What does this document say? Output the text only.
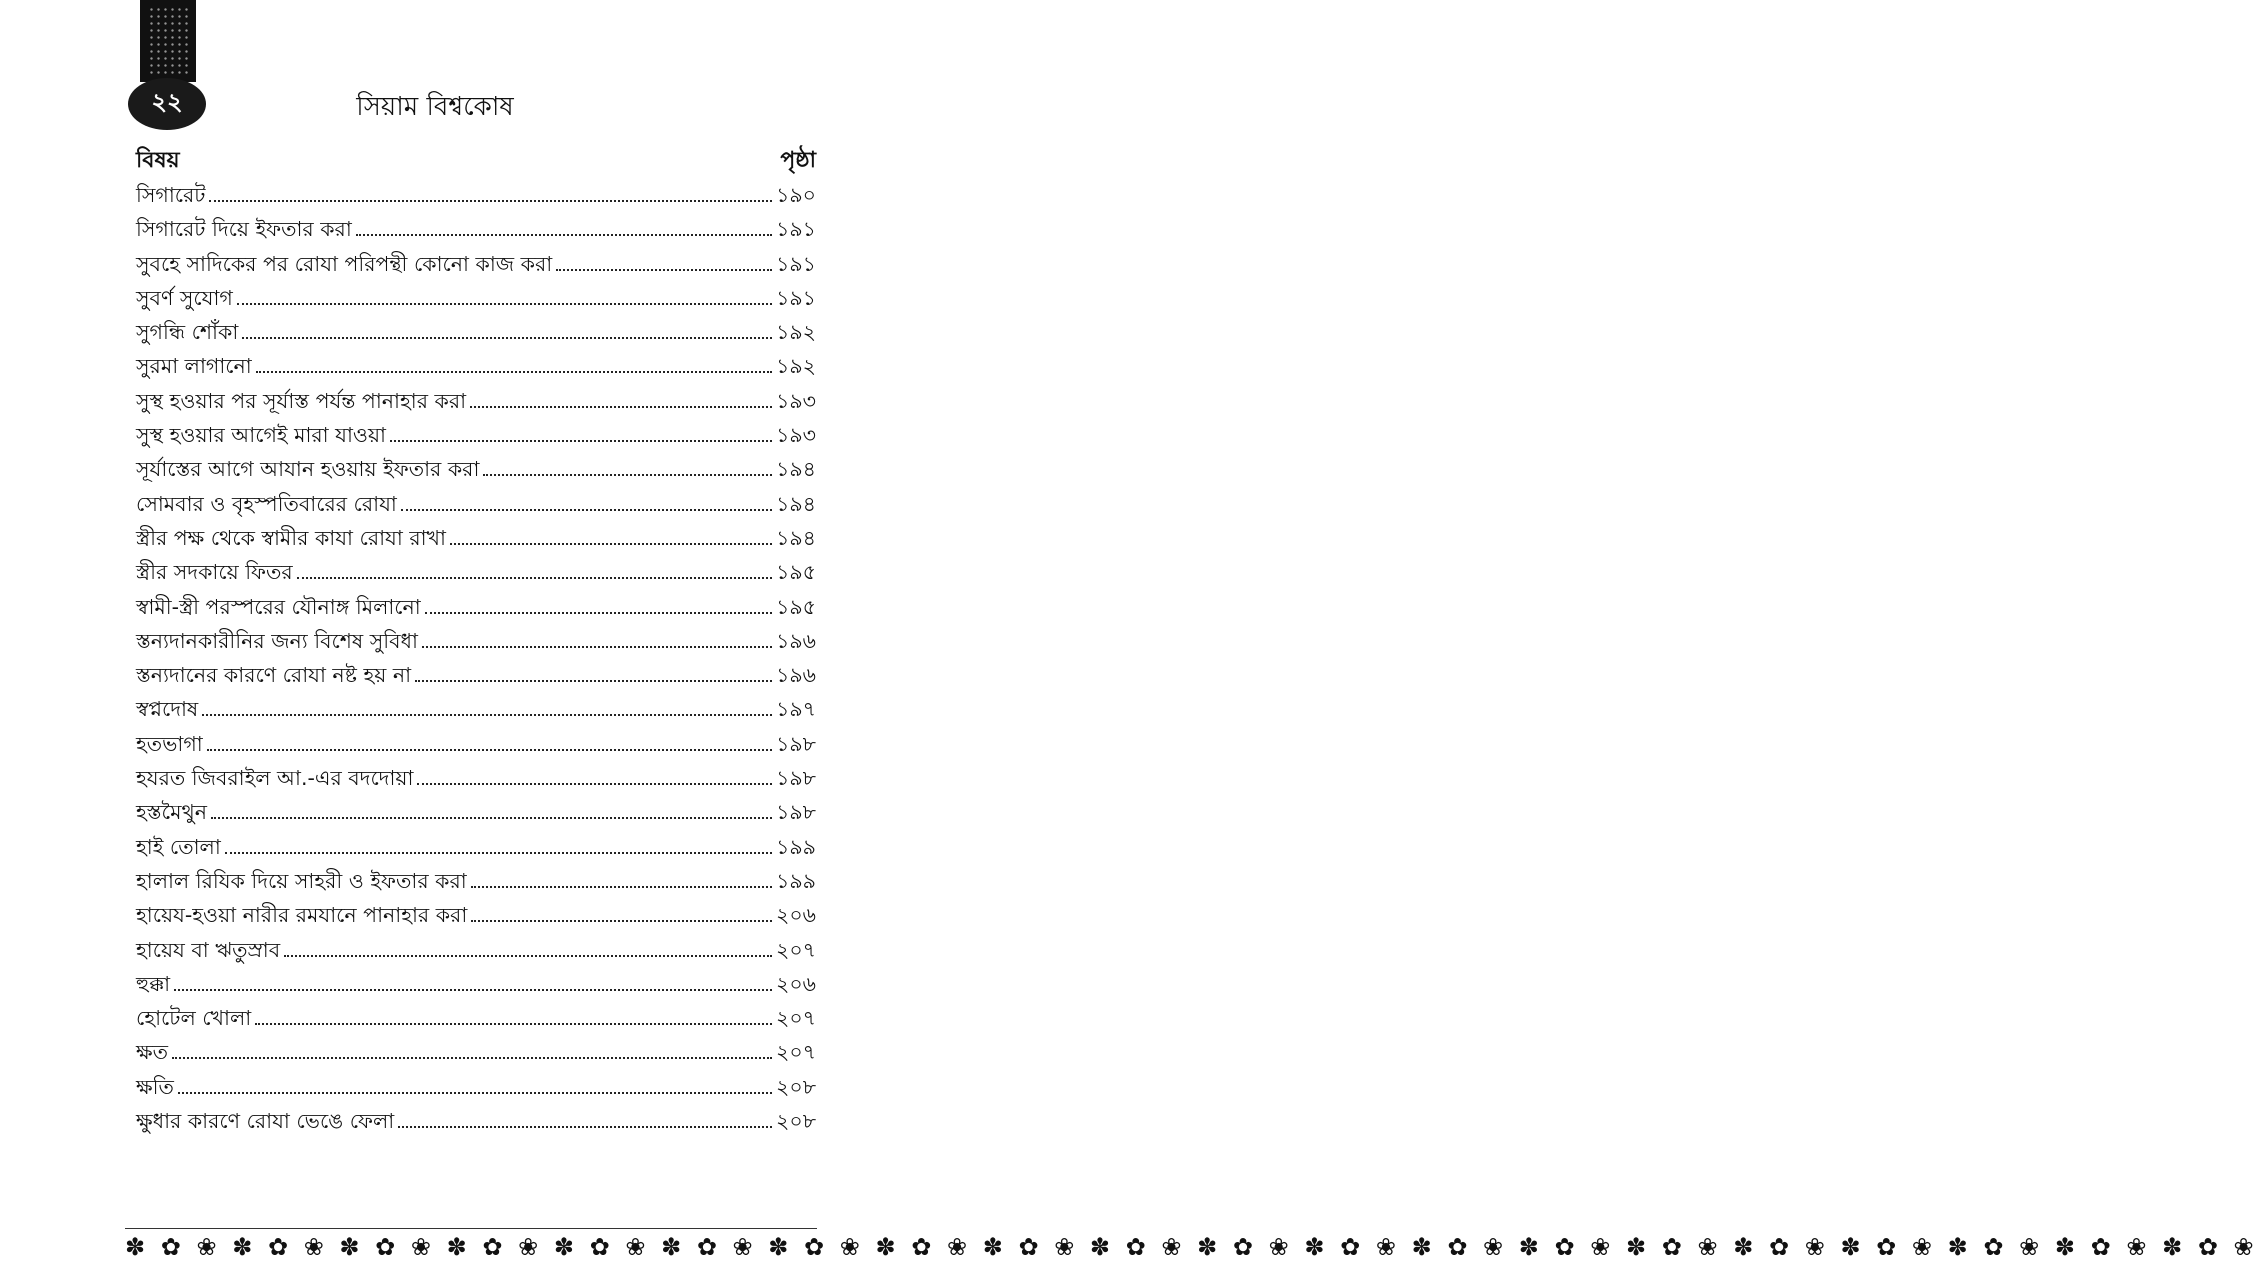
২২	সিয়াম বিশ্বকোষ
বিষয়	পৃষ্ঠা
সিগারেট	১৯০
সিগারেট দিয়ে ইফতার করা	১৯১
সুবহে সাদিকের পর রোযা পরিপন্থী কোনো কাজ করা	১৯১
সুবর্ণ সুযোগ	১৯১
সুগন্ধি শোঁকা	১৯২
সুরমা লাগানো	১৯২
সুস্থ হওয়ার পর সূর্যাস্ত পর্যন্ত পানাহার করা	১৯৩
সুস্থ হওয়ার আগেই মারা যাওয়া	১৯৩
সূর্যাস্তের আগে আযান হওয়ায় ইফতার করা	১৯৪
সোমবার ও বৃহস্পতিবারের রোযা	১৯৪
স্ত্রীর পক্ষ থেকে স্বামীর কাযা রোযা রাখা	১৯৪
স্ত্রীর সদকায়ে ফিতর	১৯৫
স্বামী-স্ত্রী পরস্পরের যৌনাঙ্গ মিলানো	১৯৫
স্তন্যদানকারীনির জন্য বিশেষ সুবিধা	১৯৬
স্তন্যদানের কারণে রোযা নষ্ট হয় না	১৯৬
স্বপ্নদোষ	১৯৭
হতভাগা	১৯৮
হযরত জিবরাইল আ.-এর বদদোয়া	১৯৮
হস্তমৈথুন	১৯৮
হাই তোলা	১৯৯
হালাল রিযিক দিয়ে সাহরী ও ইফতার করা	১৯৯
হায়েয-হওয়া নারীর রমযানে পানাহার করা	২০৬
হায়েয বা ঋতুস্রাব	২০৭
হুক্কা	২০৬
হোটেল খোলা	২০৭
ক্ষত	২০৭
ক্ষতি	২০৮
ক্ষুধার কারণে রোযা ভেঙে ফেলা	২০৮
✽ ✿ ❀ ✽ ✿ ❀ ✽ ✿ ❀ ✽ ✿ ❀ ✽ ✿ ❀ ✽ ✿ ❀ ✽ ✿ ❀ ✽ ✿ ❀ ✽ ✿ ❀ ✽ ✿ ❀ ✽ ✿ ❀ ✽ ✿ ❀ ✽ ✿ ❀ ✽ ✿ ❀ ✽ ✿ ❀ ✽ ✿ ❀ ✽ ✿ ❀ ✽ ✿ ❀ ✽ ✿ ❀ ✽ ✿ ❀
